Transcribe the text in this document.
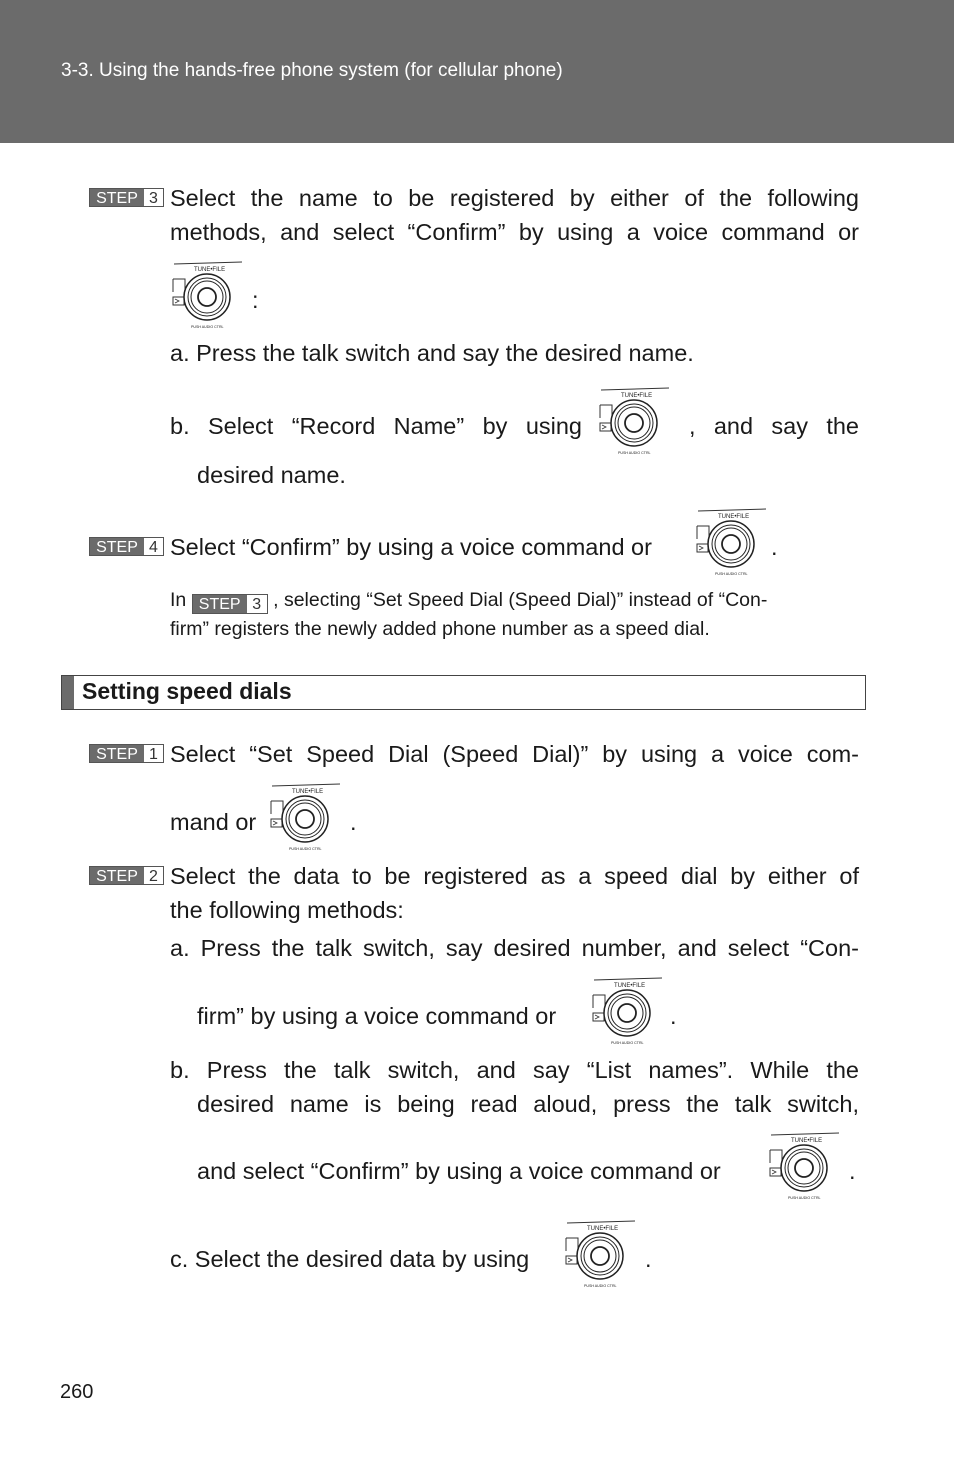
3-3. Using the hands-free phone system (for cellular phone)
STEP 3 Select the name to be registered by either of the following

methods, and select “Confirm” by using a voice command or

:

a. Press the talk switch and say the desired name.

b. Select “Record Name” by using	, and say the

desired name.

STEP 4 Select “Confirm” by using a voice command or	.

In STEP 3 , selecting “Set Speed Dial (Speed Dial)” instead of “Con-

firm” registers the newly added phone number as a speed dial.

Setting speed dials
STEP 1 Select “Set Speed Dial (Speed Dial)” by using a voice com-

mand or	.

STEP 2 Select the data to be registered as a speed dial by either of

the following methods:

a. Press the talk switch, say desired number, and select “Con-

firm” by using a voice command or	.

b. Press the talk switch, and say “List names”. While the

desired name is being read aloud, press the talk switch,

and select “Confirm” by using a voice command or	.

c. Select the desired data by using	.

260
